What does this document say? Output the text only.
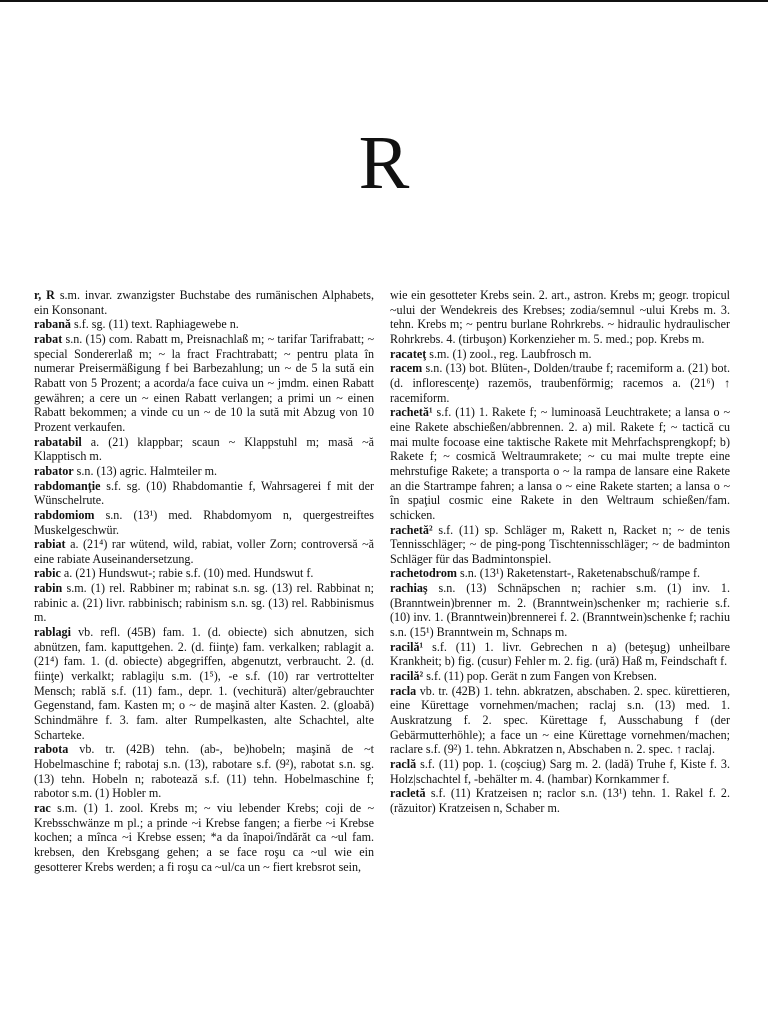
R

r, R s.m. invar. zwanzigster Buchstabe des rumänischen Alphabets, ein Konsonant.

rabană s.f. sg. (11) text. Raphiagewebe n.

rabat s.n. (15) com. Rabatt m, Preisnachlaß m; ~ tarifar Tarifrabatt; ~ special Sondererlaß m; ~ la fract Frachtrabatt; ~ pentru plata în numerar Preisermäßigung f bei Barbezahlung; un ~ de 5 la sută ein Rabatt von 5 Prozent; a acorda/a face cuiva un ~ jmdm. einen Rabatt gewähren; a cere un ~ einen Rabatt verlangen; a primi un ~ einen Rabatt bekommen; a vinde cu un ~ de 10 la sută mit Abzug von 10 Prozent verkaufen.

rabatabil a. (21) klappbar; scaun ~ Klappstuhl m; masă ~ă Klapptisch m.

rabator s.n. (13) agric. Halmteiler m.

rabdomanţie s.f. sg. (10) Rhabdomantie f, Wahrsagerei f mit der Wünschelrute.

rabdomiom s.n. (13¹) med. Rhabdomyom n, quergestreiftes Muskelgeschwür.

rabiat a. (21⁴) rar wütend, wild, rabiat, voller Zorn; controversă ~ă eine rabiate Auseinandersetzung.

rabic a. (21) Hundswut-; rabie s.f. (10) med. Hundswut f.

rabin s.m. (1) rel. Rabbiner m; rabinat s.n. sg. (13) rel. Rabbinat n; rabinic a. (21) livr. rabbinisch; rabinism s.n. sg. (13) rel. Rabbinismus m.

rablagi vb. refl. (45B) fam. 1. (d. obiecte) sich abnutzen, sich abnützen, fam. kaputtgehen. 2. (d. fiinţe) fam. verkalken; rablagit a. (21⁴) fam. 1. (d. obiecte) abgegriffen, abgenutzt, verbraucht. 2. (d. fiinţe) verkalkt; rablagi|u s.m. (1⁵), -e s.f. (10) rar vertrottelter Mensch; rablă s.f. (11) fam., depr. 1. (vechitură) alter/gebrauchter Gegenstand, fam. Kasten m; o ~ de maşină alter Kasten. 2. (gloabă) Schindmähre f. 3. fam. alter Rumpelkasten, alte Schachtel, alte Scharteke.

rabota vb. tr. (42B) tehn. (ab-, be)hobeln; maşină de ~t Hobelmaschine f; rabotaj s.n. (13), rabotare s.f. (9²), rabotat s.n. sg. (13) tehn. Hobeln n; rabotează s.f. (11) tehn. Hobelmaschine f; rabotor s.m. (1) Hobler m.

rac s.m. (1) 1. zool. Krebs m; ~ viu lebender Krebs; coji de ~ Krebsschwänze m pl.; a prinde ~i Krebse fangen; a fierbe ~i Krebse kochen; a mînca ~i Krebse essen; *a da înapoi/îndărăt ca ~ul fam. krebsen, den Krebsgang gehen; a se face roşu ca ~ul wie ein gesotterer Krebs werden; a fi roşu ca ~ul/ca un ~ fiert krebsrot sein,

wie ein gesotteter Krebs sein. 2. art., astron. Krebs m; geogr. tropicul ~ului der Wendekreis des Krebses; zodia/semnul ~ului Krebs m. 3. tehn. Krebs m; ~ pentru burlane Rohrkrebs. ~ hidraulic hydraulischer Rohrkrebs. 4. (tirbuşon) Korkenzieher m. 5. med.; pop. Krebs m.

racateţ s.m. (1) zool., reg. Laubfrosch m.

racem s.n. (13) bot. Blüten-, Dolden/traube f; racemiform a. (21) bot. (d. inflorescenţe) razemös, traubenförmig; racemos a. (21⁶) ↑ racemiform.

rachetă¹ s.f. (11) 1. Rakete f; ~ luminoasă Leuchtrakete; a lansa o ~ eine Rakete abschießen/abbrennen. 2. a) mil. Rakete f; ~ tactică cu mai multe focoase eine taktische Rakete mit Mehrfachsprengkopf; b) Rakete f; ~ cosmică Weltraumrakete; ~ cu mai multe trepte eine mehrstufige Rakete; a transporta o ~ la rampa de lansare eine Rakete an die Startrampe fahren; a lansa o ~ eine Rakete starten; a lansa o ~ în spaţiul cosmic eine Rakete in den Weltraum schießen/fam. schicken.

rachetă² s.f. (11) sp. Schläger m, Rakett n, Racket n; ~ de tenis Tennisschläger; ~ de ping-pong Tischtennisschläger; ~ de badminton Schläger für das Badmintonspiel.

rachetodrom s.n. (13¹) Raketenstart-, Raketenabschuß/rampe f.

rachiaş s.n. (13) Schnäpschen n; rachier s.m. (1) inv. 1. (Branntwein)brenner m. 2. (Branntwein)schenker m; rachierie s.f. (10) inv. 1. (Branntwein)brennerei f. 2. (Branntwein)schenke f; rachiu s.n. (15¹) Branntwein m, Schnaps m.

racilă¹ s.f. (11) 1. livr. Gebrechen n a) (beteşug) unheilbare Krankheit; b) fig. (cusur) Fehler m. 2. fig. (ură) Haß m, Feindschaft f.

racilă² s.f. (11) pop. Gerät n zum Fangen von Krebsen.

racla vb. tr. (42B) 1. tehn. abkratzen, abschaben. 2. spec. kürettieren, eine Kürettage vornehmen/machen; raclaj s.n. (13) med. 1. Auskratzung f. 2. spec. Kürettage f, Ausschabung f (der Gebärmutterhöhle); a face un ~ eine Kürettage vornehmen/machen; raclare s.f. (9²) 1. tehn. Abkratzen n, Abschaben n. 2. spec. ↑ raclaj.

raclă s.f. (11) pop. 1. (coşciug) Sarg m. 2. (ladă) Truhe f, Kiste f. 3. Holz|schachtel f, -behälter m. 4. (hambar) Kornkammer f.

racletă s.f. (11) Kratzeisen n; raclor s.n. (13¹) tehn. 1. Rakel f. 2. (răzuitor) Kratzeisen n, Schaber m.
